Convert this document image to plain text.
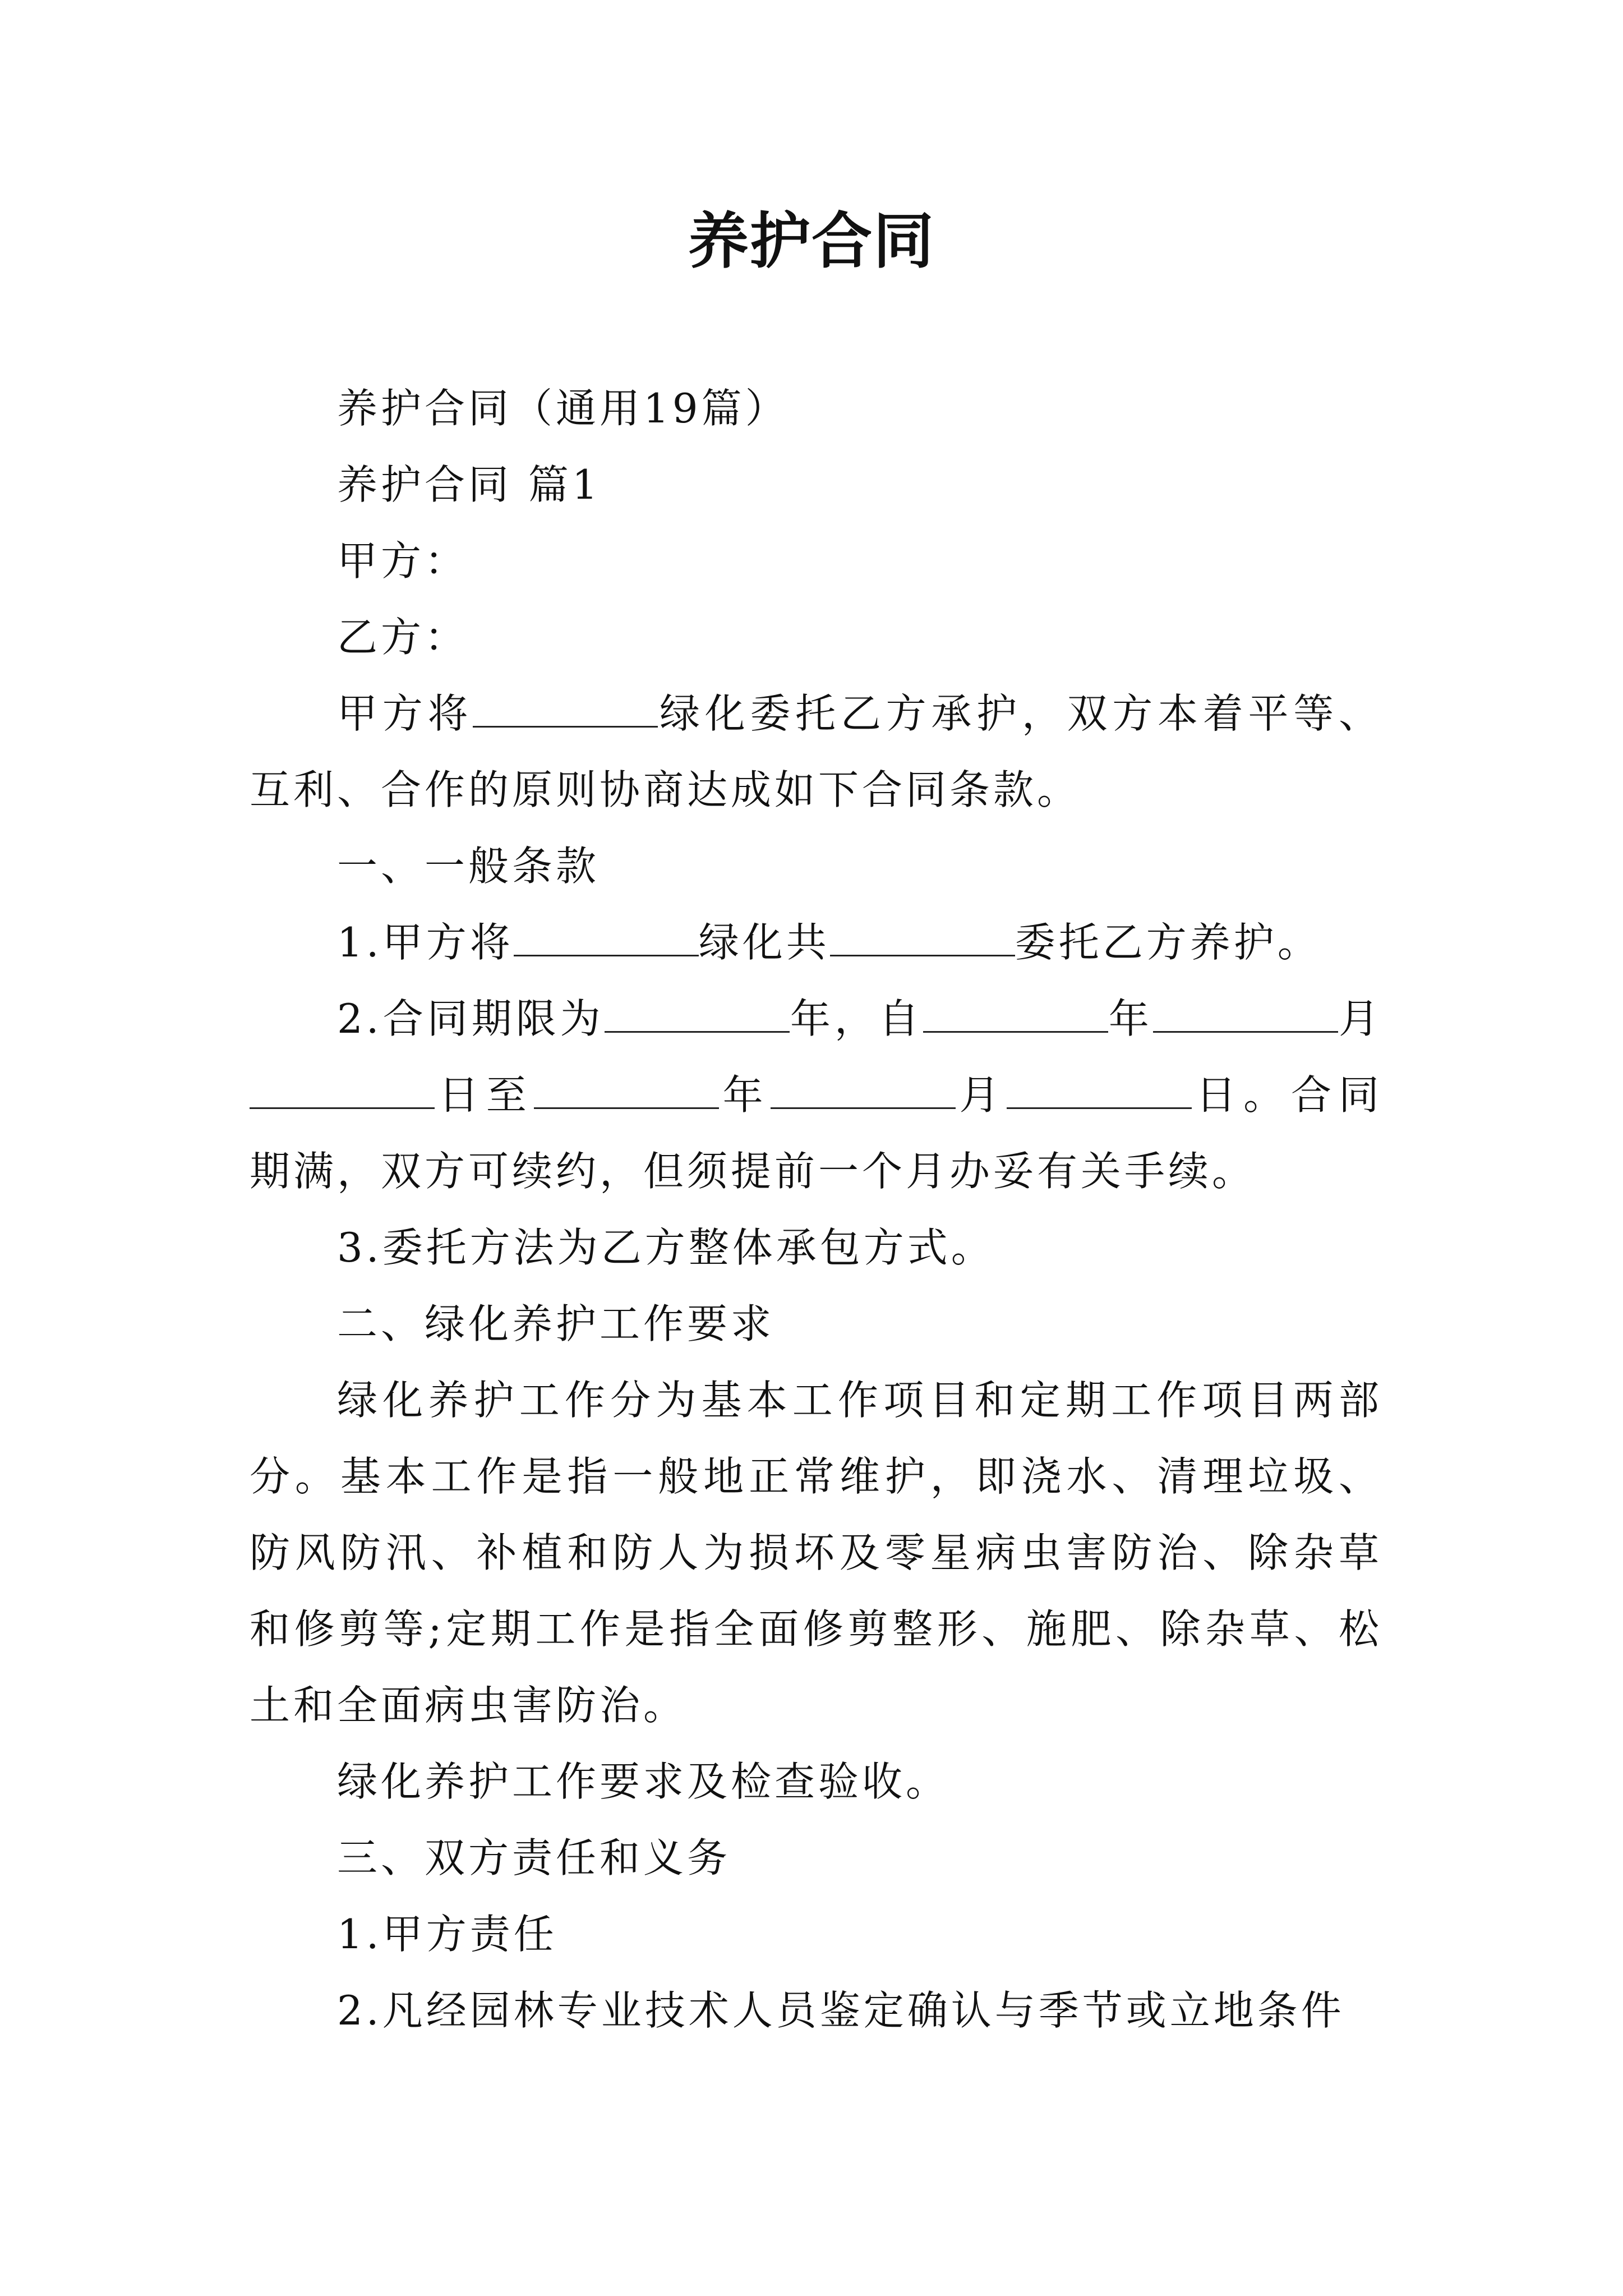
养护合同

养护合同（通用19篇）

养护合同 篇1

甲方：

乙方：

甲方将	绿化委托乙方承护，双方本着平等、互利、合作的原则协商达成如下合同条款。

一、一般条款

1.甲方将	绿化共	委托乙方养护。

2.合同期限为	年，自	年	月日至	年	月	日。合同期满，双方可续约，但须提前一个月办妥有关手续。

3.委托方法为乙方整体承包方式。

二、绿化养护工作要求

绿化养护工作分为基本工作项目和定期工作项目两部分。基本工作是指一般地正常维护，即浇水、清理垃圾、防风防汛、补植和防人为损坏及零星病虫害防治、除杂草和修剪等;定期工作是指全面修剪整形、施肥、除杂草、松土和全面病虫害防治。

绿化养护工作要求及检查验收。

三、双方责任和义务

1.甲方责任

2.凡经园林专业技术人员鉴定确认与季节或立地条件
